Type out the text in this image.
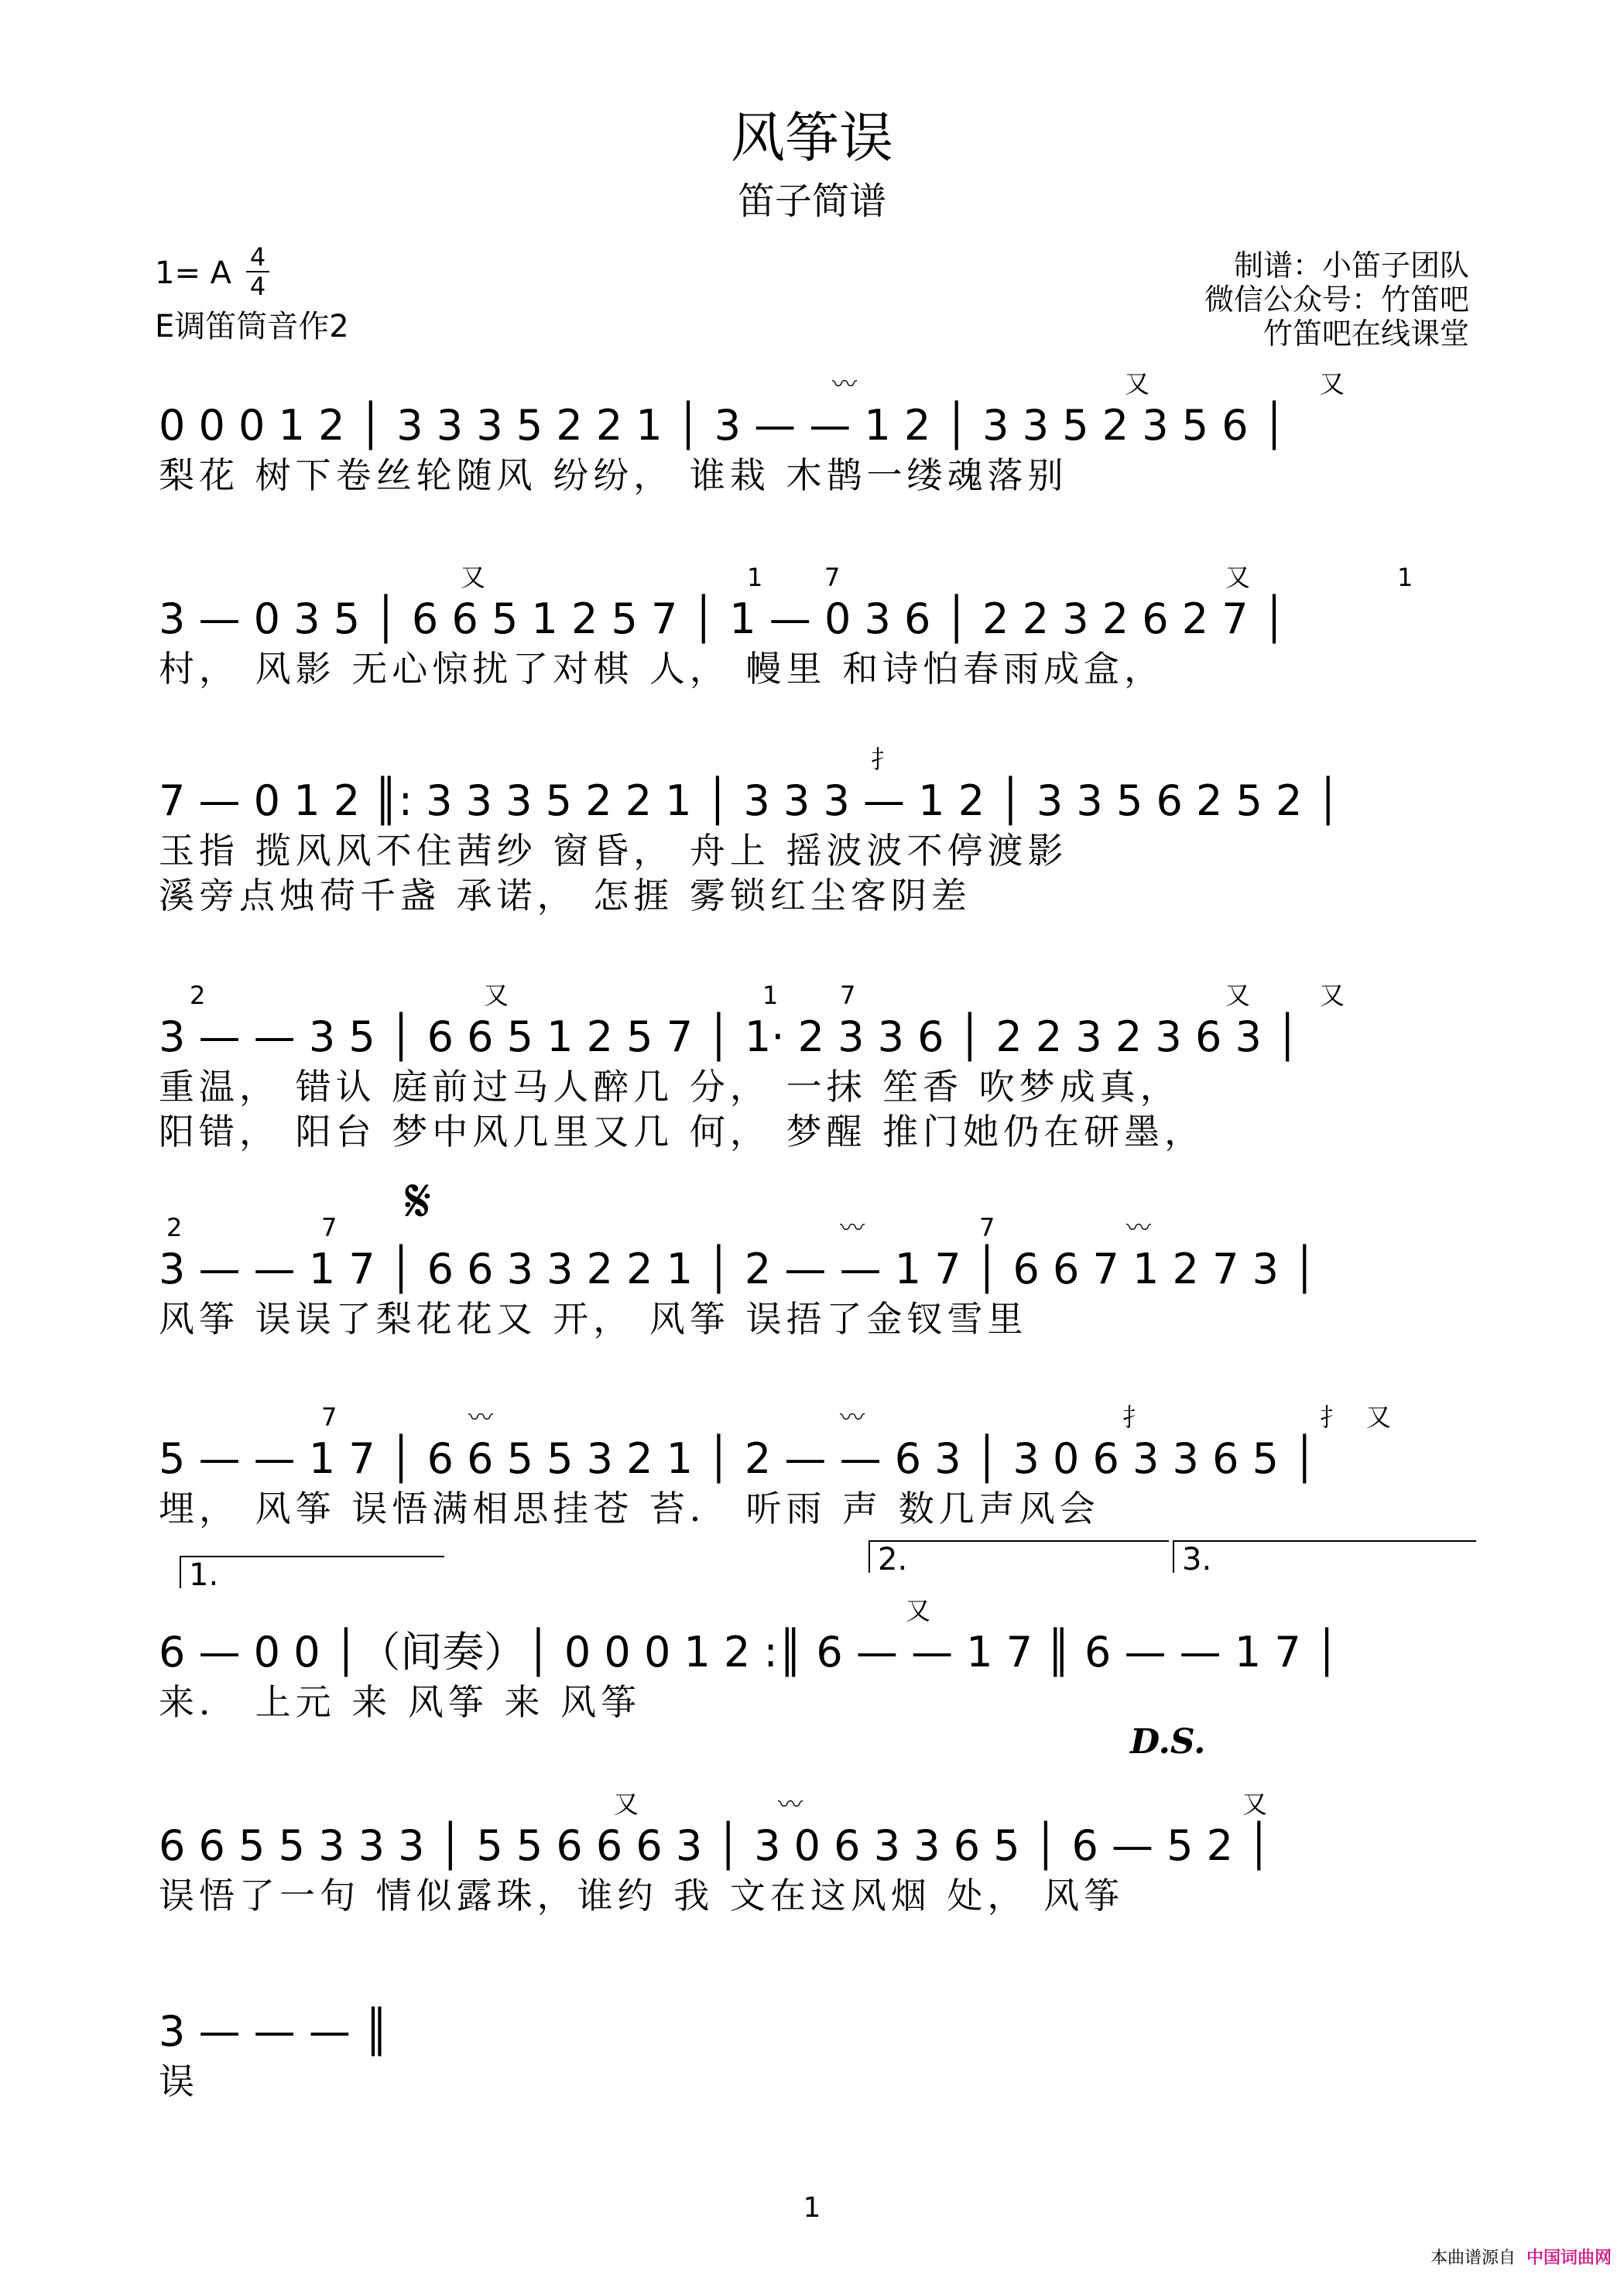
风筝误
笛子简谱
1= A 4
4
E调笛筒音作2
制谱：小笛子团队
微信公众号：竹笛吧
竹笛吧在线课堂
〰	又	又
0 0 0 1 2 │ 3 3 3 5 2 2 1 │ 3 — — 1 2 │ 3 3 5 2 3 5 6 │
梨花 树下卷丝轮随风 纷纷， 谁栽 木鹊一缕魂落别
又	1 7	又	1
3 — 0 3 5 │ 6 6 5 1 2 5 7 │ 1 — 0 3 6 │ 2 2 3 2 6 2 7 │
村， 风影 无心惊扰了对棋 人， 幔里 和诗怕春雨成盒，
扌
7 — 0 1 2 ║: 3 3 3 5 2 2 1 │ 3 3 3 — 1 2 │ 3 3 5 6 2 5 2 │
玉指 揽风风不住茜纱 窗昏， 舟上 摇波波不停渡影
溪旁点烛荷千盏 承诺， 怎捱 雾锁红尘客阴差
2	又	1 7	又	又
3 — — 3 5 │ 6 6 5 1 2 5 7 │ 1· 2 3 3 6 │ 2 2 3 2 3 6 3 │
重温， 错认 庭前过马人醉几 分， 一抹 笙香 吹梦成真，
阳错， 阳台 梦中风几里又几 何， 梦醒 推门她仍在研墨，
𝄋
2	7	〰	7	〰
3 — — 1 7 │ 6 6 3 3 2 2 1 │ 2 — — 1 7 │ 6 6 7 1 2 7 3 │
风筝 误误了梨花花又 开， 风筝 误捂了金钗雪里
7	〰	〰	扌	扌 又
5 — — 1 7 │ 6 6 5 5 3 2 1 │ 2 — — 6 3 │ 3 0 6 3 3 6 5 │
埋， 风筝 误悟满相思挂苍 苔． 听雨 声 数几声风会
1.	2.	3.
又
6 — 0 0 │（间奏）│ 0 0 0 1 2 :║ 6 — — 1 7 ║ 6 — — 1 7 │
来． 上元 来 风筝 来 风筝
D.S.
又	〰	又
6 6 5 5 3 3 3 │ 5 5 6 6 6 3 │ 3 0 6 3 3 6 5 │ 6 — 5 2 │
误悟了一句 情似露珠，谁约 我 文在这风烟 处， 风筝
3 — — — ║
误
1
本曲谱源自 中国词曲网
